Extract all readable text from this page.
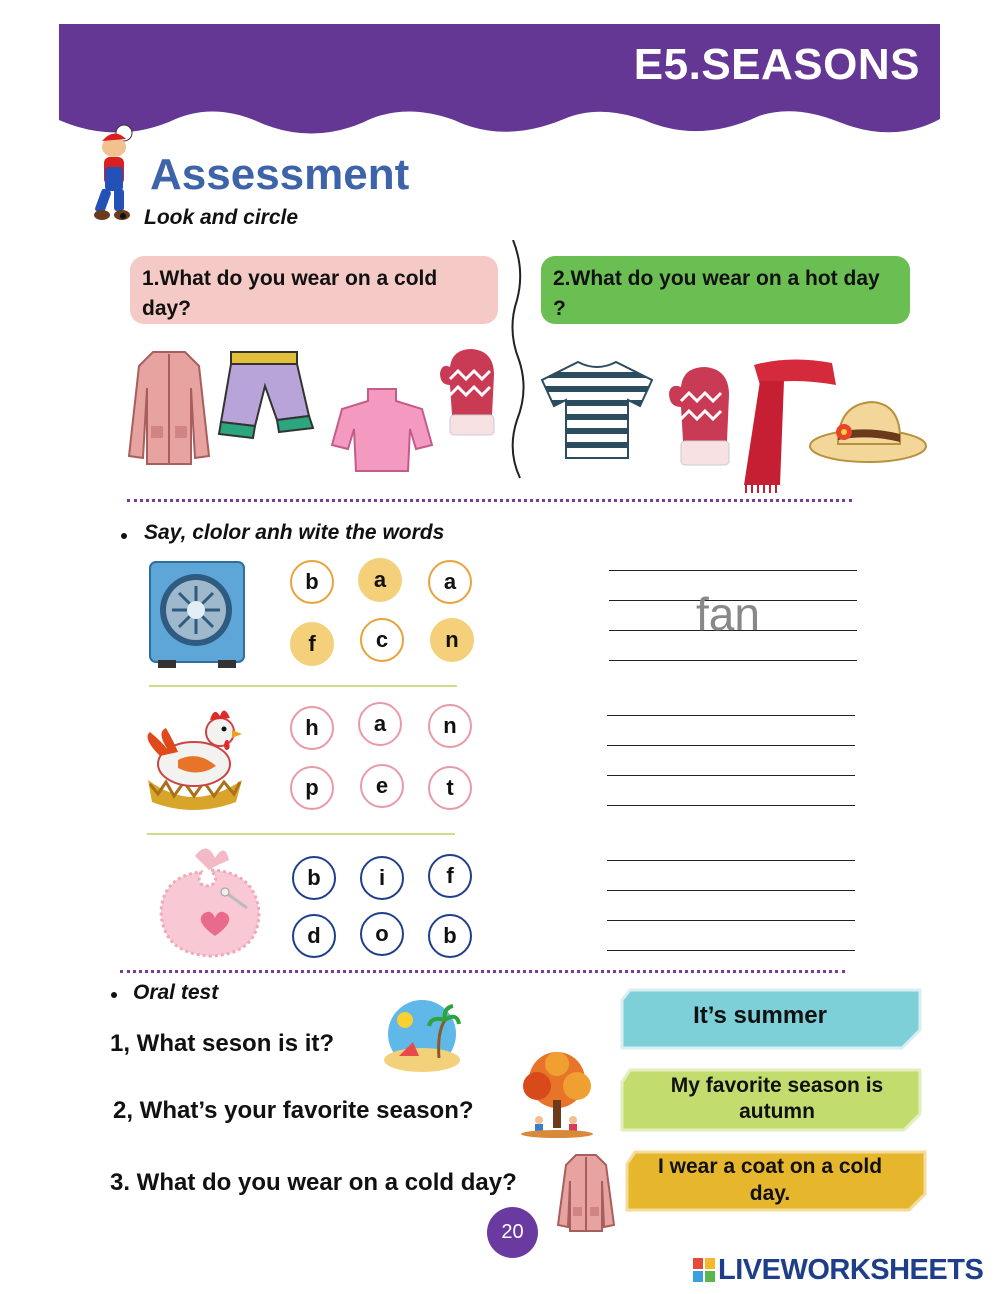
E5.SEASONS
Assessment
Look and circle
1.What do you wear on a cold day?
2.What do you wear on a hot day ?
Say, clolor anh wite the words
b	a	a
f	c	n	fan
h	a	n
p	e	t
b	i	f
d	o	b
Oral test
1, What seson is it?
2, What’s your favorite season?
3. What do you wear on a cold day?
It’s summer
My favorite season is autumn
I wear a coat on a cold day.
20
LIVEWORKSHEETS
